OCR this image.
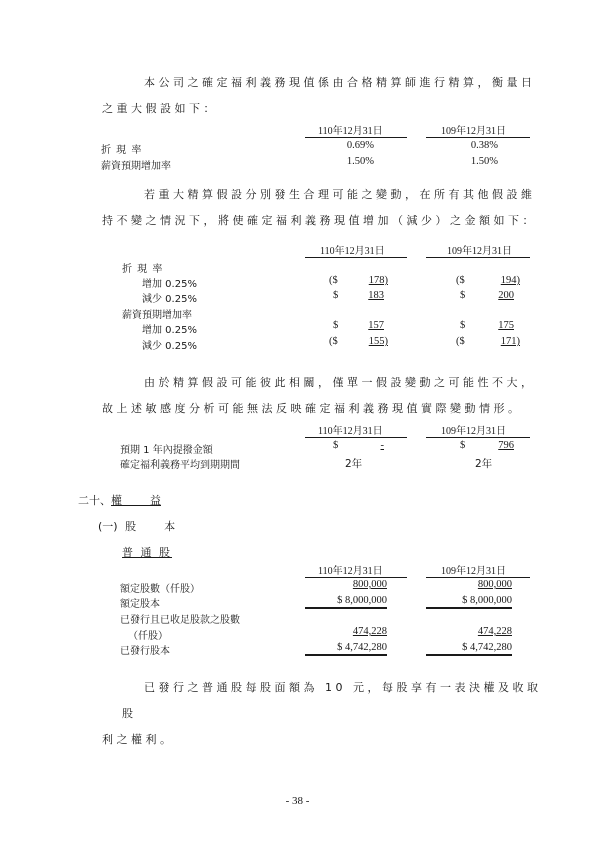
本公司之確定福利義務現值係由合格精算師進行精算，衡量日
之重大假設如下：
110年12月31日	109年12月31日
折 現 率	0.69%	0.38%
薪資預期增加率	1.50%	1.50%
若重大精算假設分別發生合理可能之變動，在所有其他假設維
持不變之情況下，將使確定福利義務現值增加（減少）之金額如下：
110年12月31日	109年12月31日
折 現 率
增加 0.25%	($	178)	($	194)
減少 0.25%	$	183	$	200
薪資預期增加率
增加 0.25%	$	157	$	175
減少 0.25%	($	155)	($	171)
由於精算假設可能彼此相關，僅單一假設變動之可能性不大，
故上述敏感度分析可能無法反映確定福利義務現值實際變動情形。
110年12月31日	109年12月31日
預期 1 年內提撥金額	$	-	$	796
確定福利義務平均到期期間	2年	2年
二十、權        益
(一) 股        本
普 通 股
110年12月31日	109年12月31日
額定股數（仟股）	800,000	800,000
額定股本	$ 8,000,000	$ 8,000,000
已發行且已收足股款之股數
（仟股）	474,228	474,228
已發行股本	$ 4,742,280	$ 4,742,280
已發行之普通股每股面額為 10 元，每股享有一表決權及收取股
利之權利。
- 38 -
